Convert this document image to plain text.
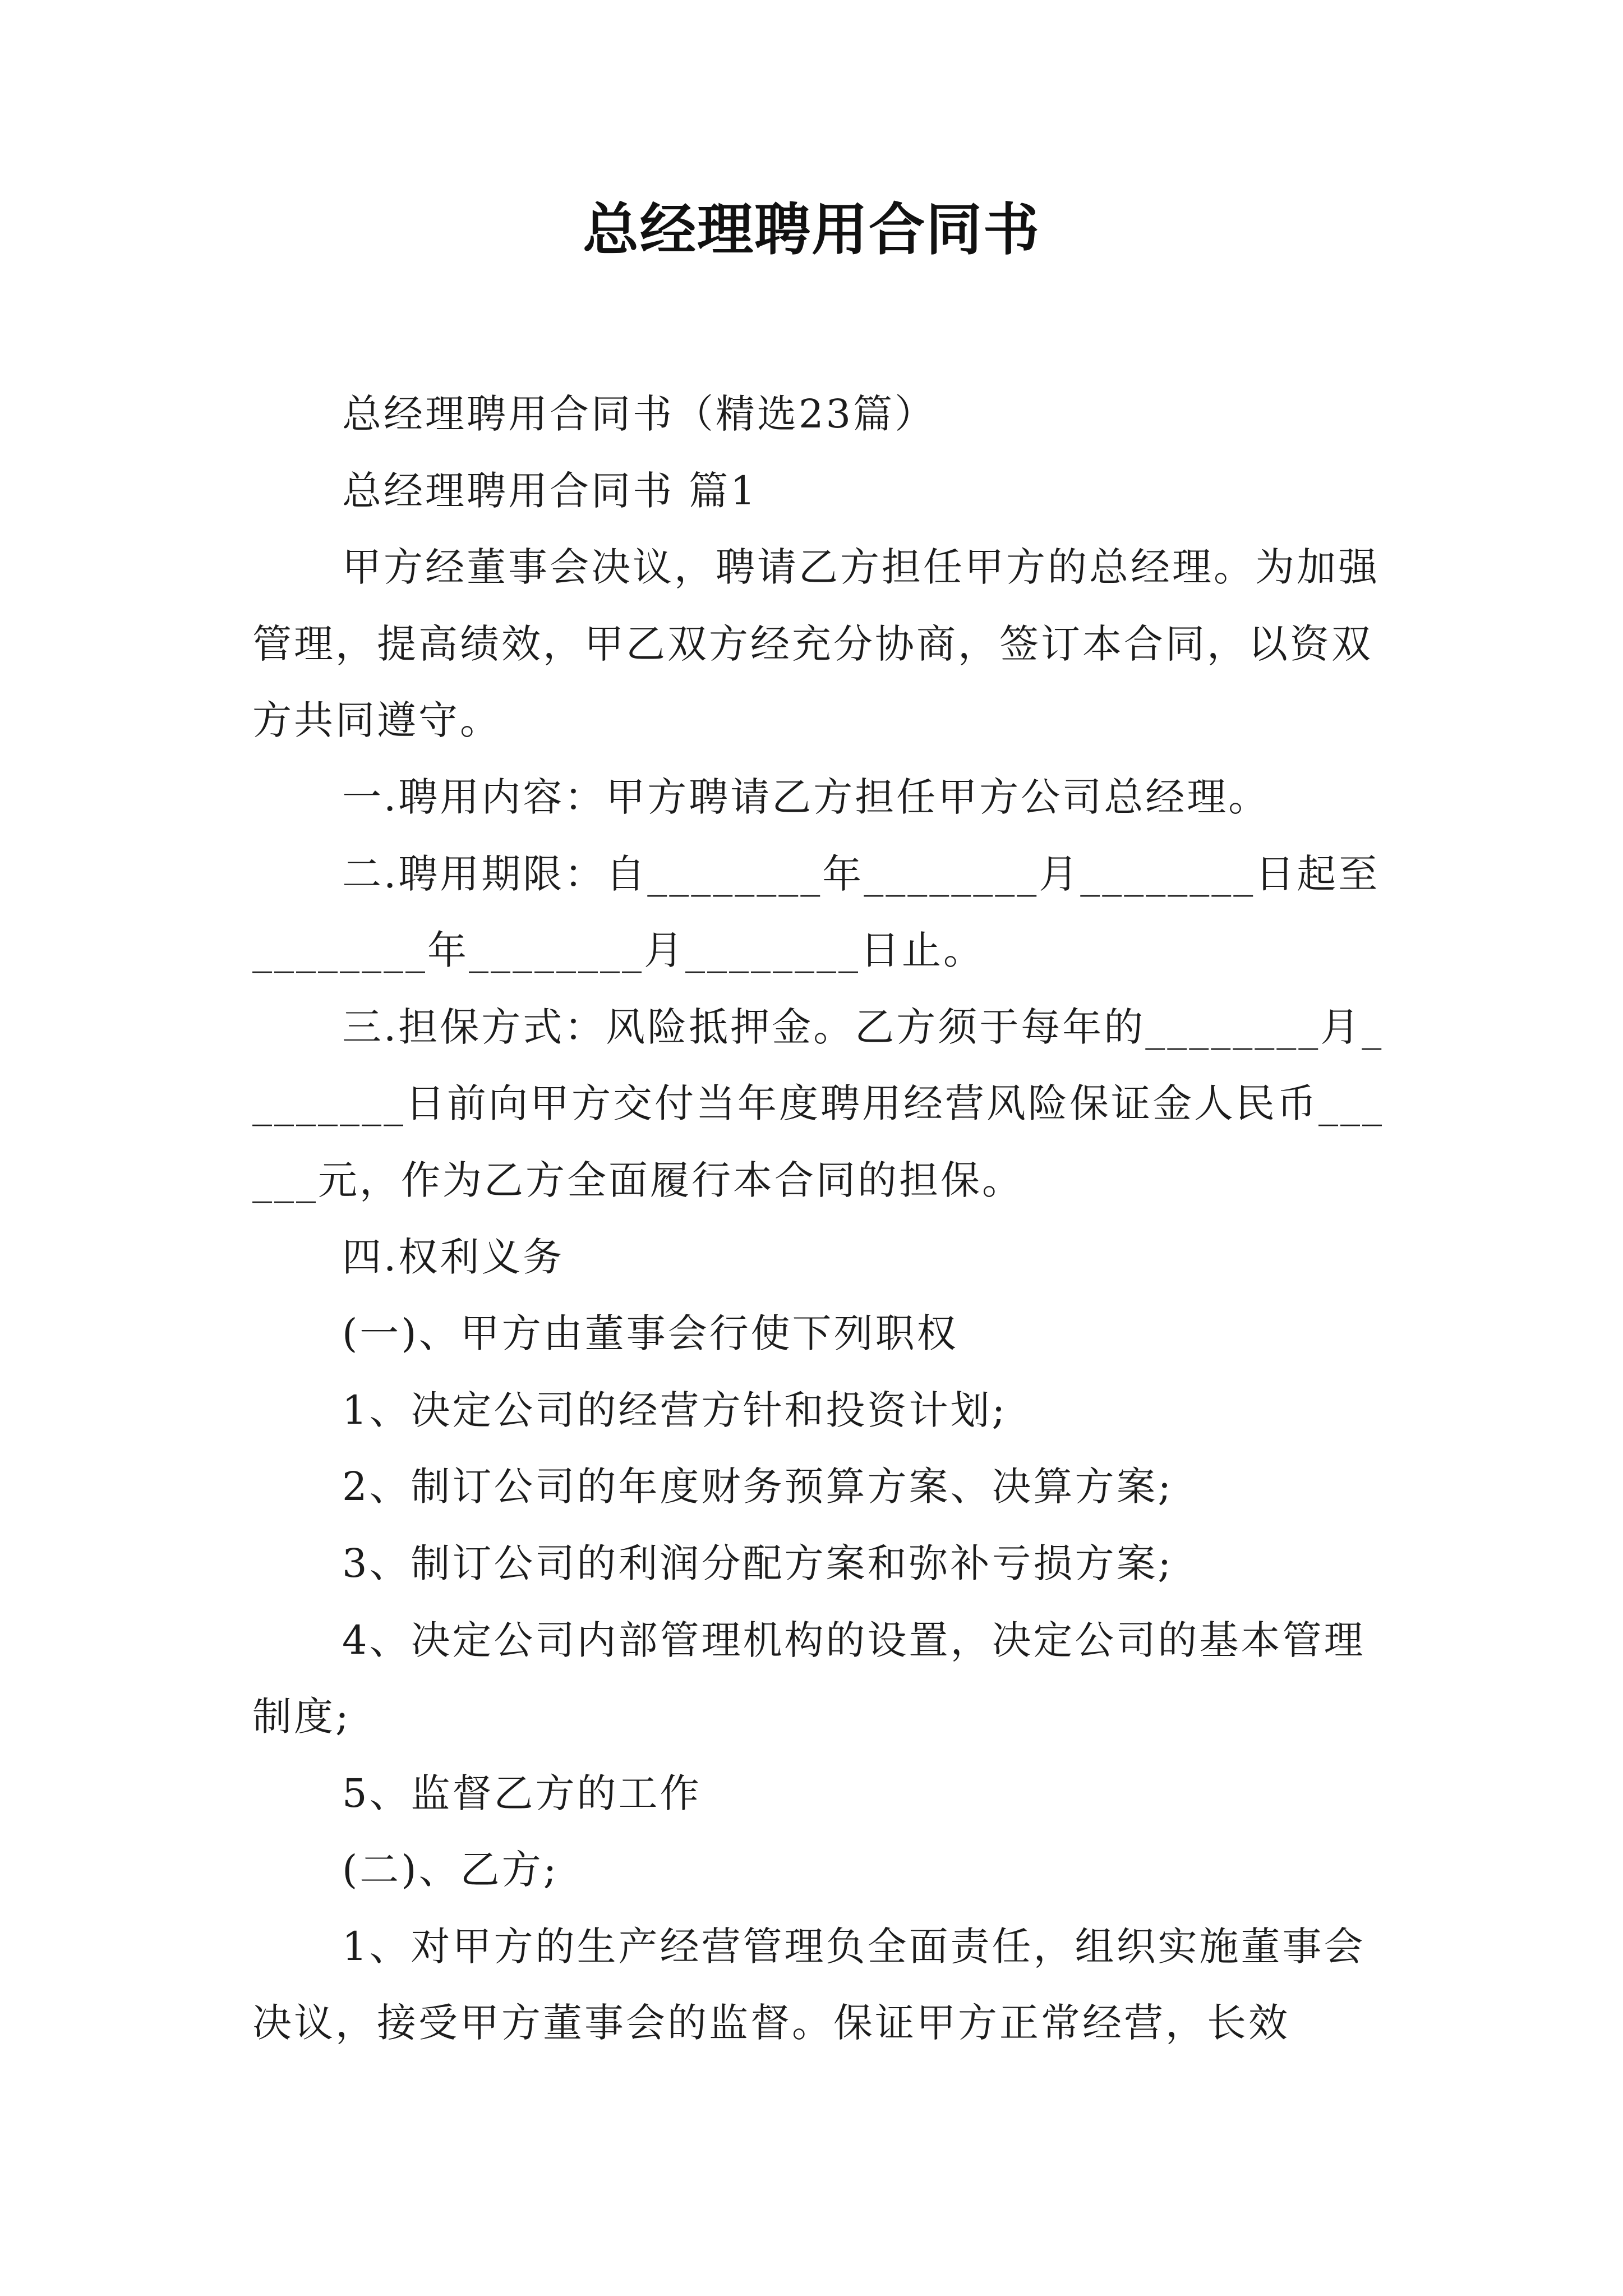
总经理聘用合同书

总经理聘用合同书（精选23篇）

总经理聘用合同书 篇1

甲方经董事会决议，聘请乙方担任甲方的总经理。为加强管理，提高绩效，甲乙双方经充分协商，签订本合同，以资双方共同遵守。

一.聘用内容：甲方聘请乙方担任甲方公司总经理。

二.聘用期限：自________年________月________日起至________年________月________日止。

三.担保方式：风险抵押金。乙方须于每年的________月________日前向甲方交付当年度聘用经营风险保证金人民币______元，作为乙方全面履行本合同的担保。

四.权利义务

(一)、甲方由董事会行使下列职权

1、决定公司的经营方针和投资计划;

2、制订公司的年度财务预算方案、决算方案;

3、制订公司的利润分配方案和弥补亏损方案;

4、决定公司内部管理机构的设置，决定公司的基本管理制度;

5、监督乙方的工作

(二)、乙方;

1、对甲方的生产经营管理负全面责任，组织实施董事会决议，接受甲方董事会的监督。保证甲方正常经营，长效
